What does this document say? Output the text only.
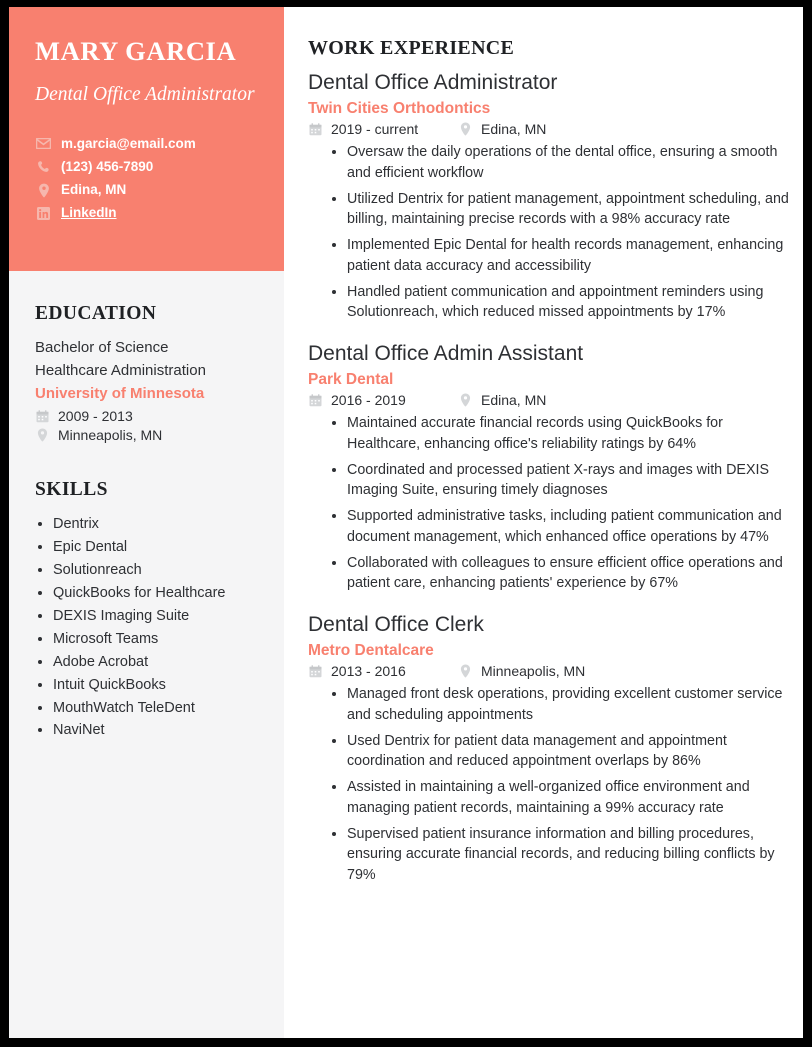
MARY GARCIA
Dental Office Administrator
m.garcia@email.com
(123) 456-7890
Edina, MN
LinkedIn
EDUCATION
Bachelor of Science
Healthcare Administration
University of Minnesota
2009 - 2013
Minneapolis, MN
SKILLS
Dentrix
Epic Dental
Solutionreach
QuickBooks for Healthcare
DEXIS Imaging Suite
Microsoft Teams
Adobe Acrobat
Intuit QuickBooks
MouthWatch TeleDent
NaviNet
WORK EXPERIENCE
Dental Office Administrator
Twin Cities Orthodontics
2019 - current	Edina, MN
Oversaw the daily operations of the dental office, ensuring a smooth and efficient workflow
Utilized Dentrix for patient management, appointment scheduling, and billing, maintaining precise records with a 98% accuracy rate
Implemented Epic Dental for health records management, enhancing patient data accuracy and accessibility
Handled patient communication and appointment reminders using Solutionreach, which reduced missed appointments by 17%
Dental Office Admin Assistant
Park Dental
2016 - 2019	Edina, MN
Maintained accurate financial records using QuickBooks for Healthcare, enhancing office's reliability ratings by 64%
Coordinated and processed patient X-rays and images with DEXIS Imaging Suite, ensuring timely diagnoses
Supported administrative tasks, including patient communication and document management, which enhanced office operations by 47%
Collaborated with colleagues to ensure efficient office operations and patient care, enhancing patients' experience by 67%
Dental Office Clerk
Metro Dentalcare
2013 - 2016	Minneapolis, MN
Managed front desk operations, providing excellent customer service and scheduling appointments
Used Dentrix for patient data management and appointment coordination and reduced appointment overlaps by 86%
Assisted in maintaining a well-organized office environment and managing patient records, maintaining a 99% accuracy rate
Supervised patient insurance information and billing procedures, ensuring accurate financial records, and reducing billing conflicts by 79%
